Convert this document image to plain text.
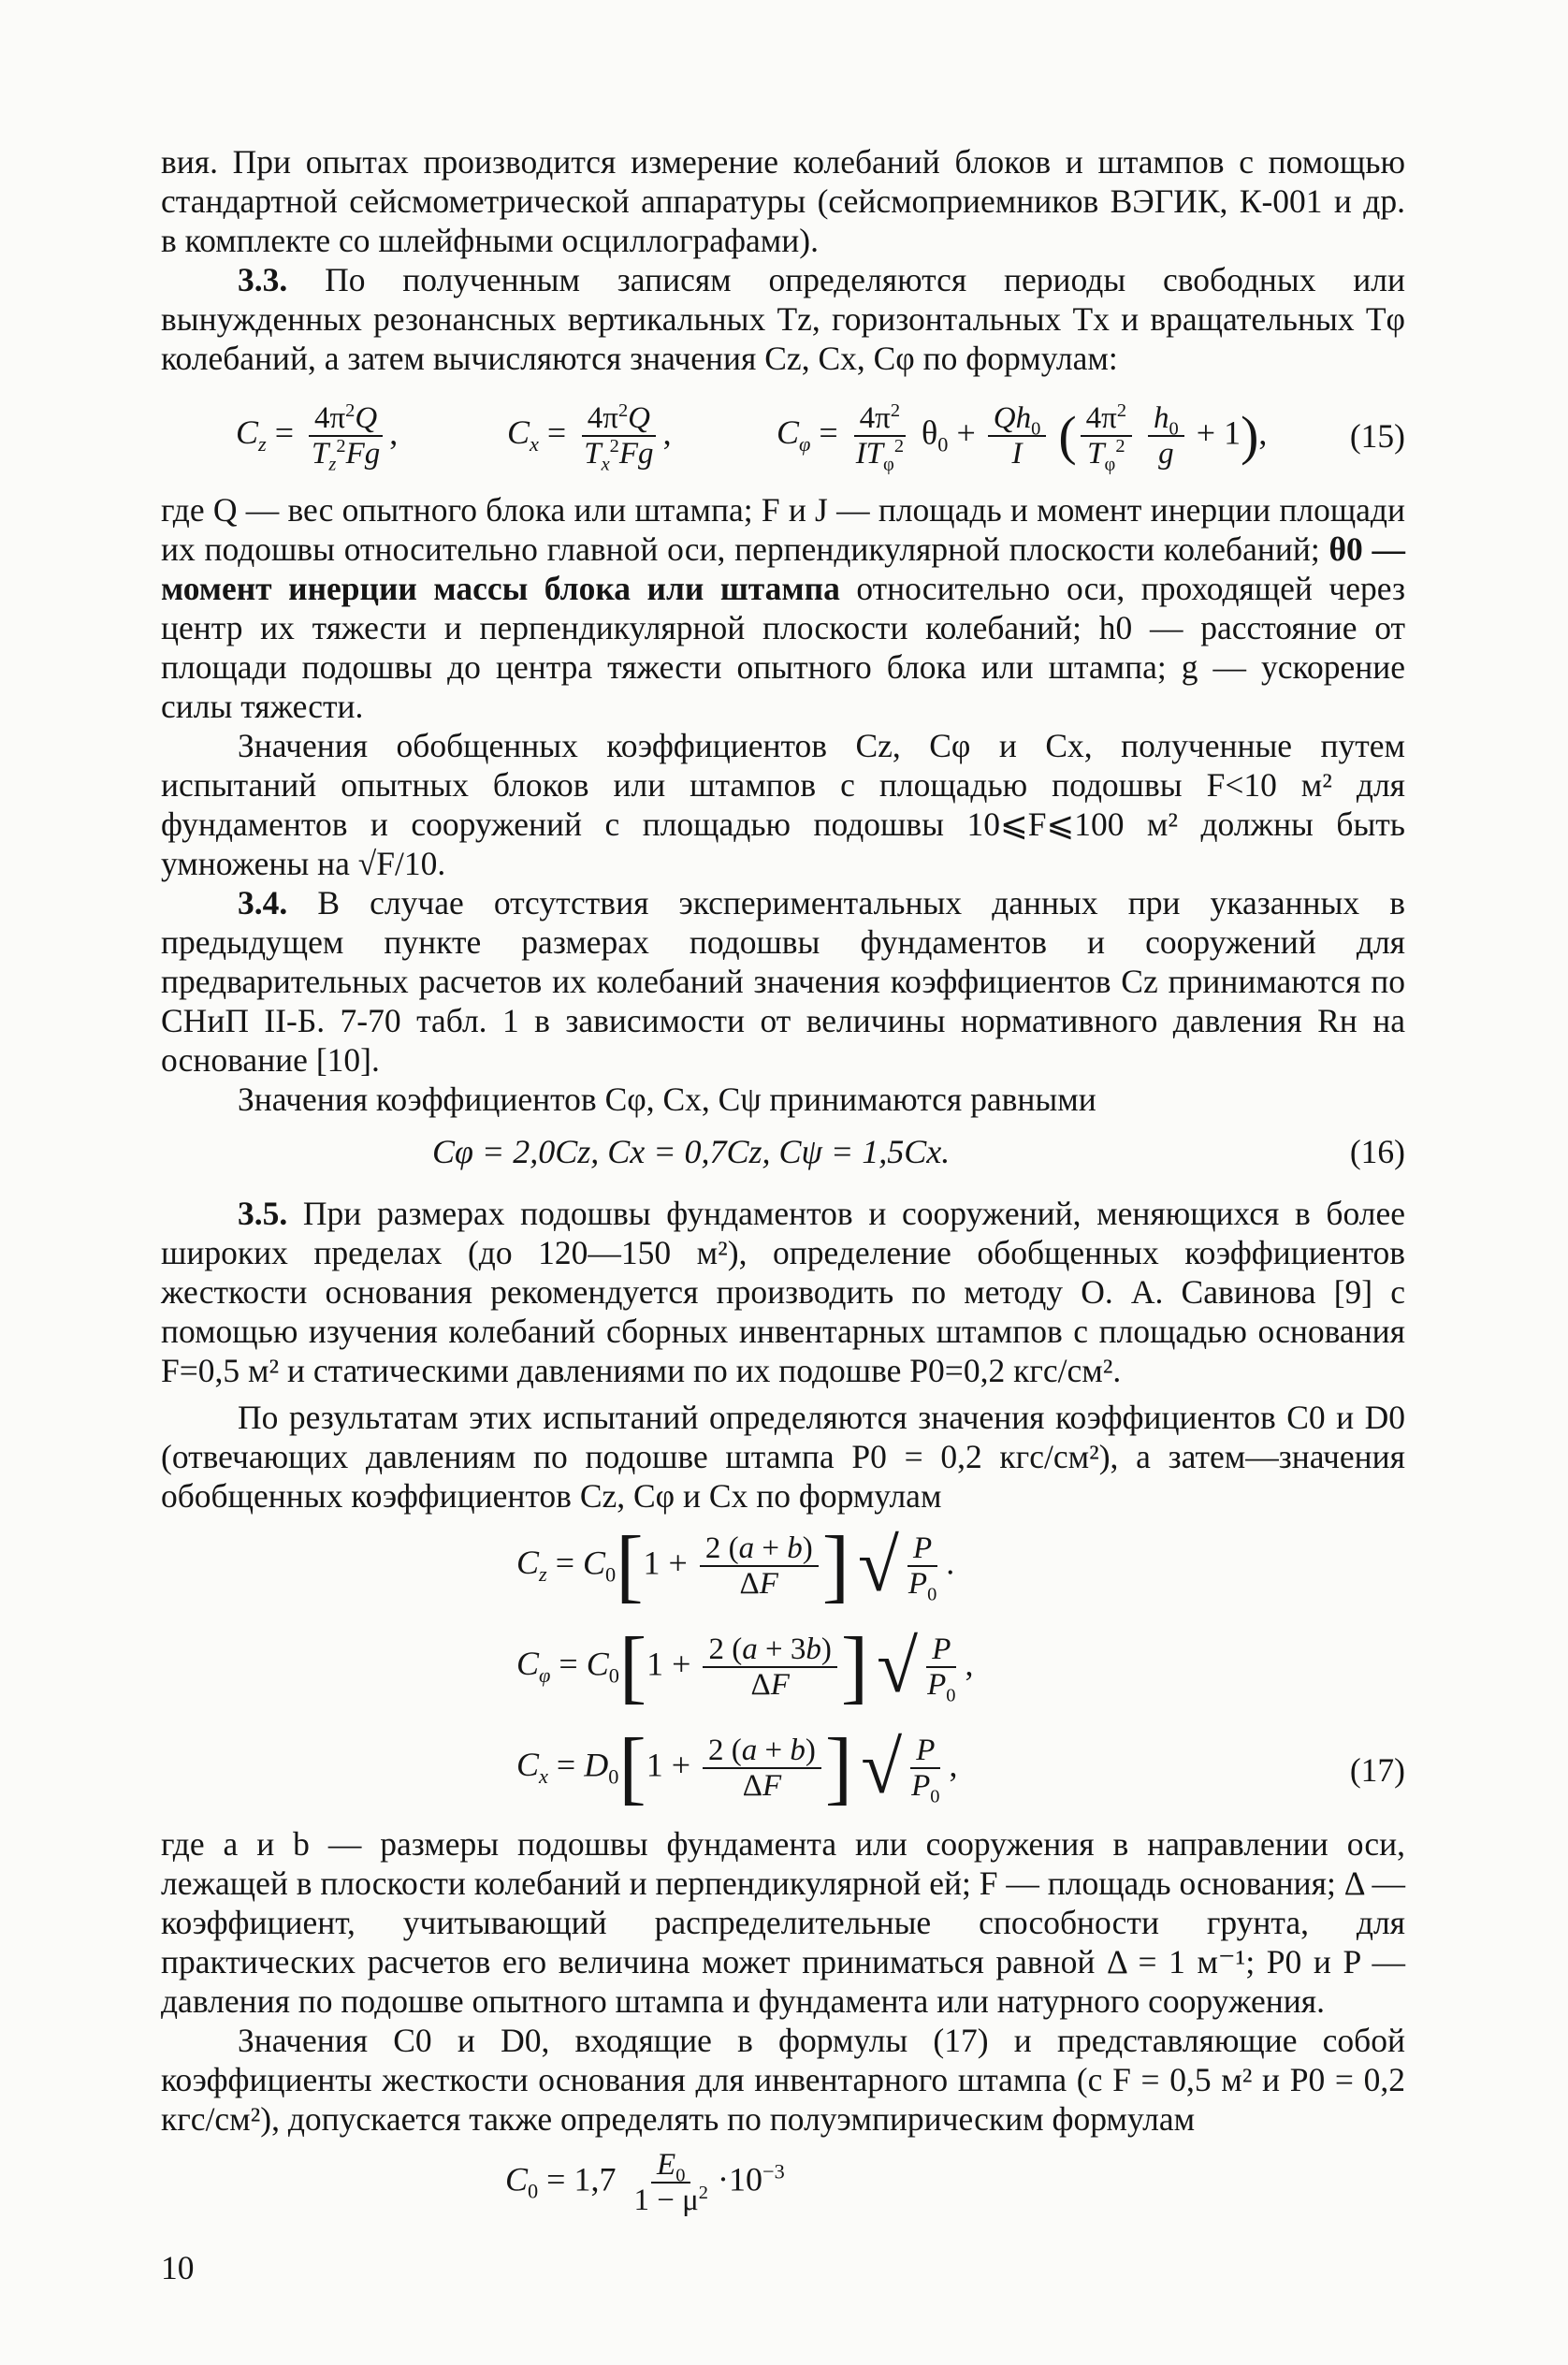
вия. При опытах производится измерение колебаний блоков и штампов с помощью стандартной сейсмометрической аппаратуры (сейсмоприемников ВЭГИК, К-001 и др. в комплекте со шлейфными осциллографами).

3.3. По полученным записям определяются периоды свободных или вынужденных резонансных вертикальных Tz, горизонтальных Tx и вращательных Tφ колебаний, а затем вычисляются значения Cz, Cx, Cφ по формулам:

$C_z = \frac{4\pi^2Q}{T_z^2Fg}$ ,	$C_x = \frac{4\pi^2Q}{T_x^2Fg}$ ,	$C_\varphi = \frac{4\pi^2}{IT_\varphi^2} \theta_0 + \frac{Qh_0}{I}$ ( $\frac{4\pi^2}{T_\varphi^2}$
$\frac{h_0}{g} + 1$), (15)

где Q — вес опытного блока или штампа; F и J — площадь и момент инерции площади их подошвы относительно главной оси, перпендикулярной плоскости колебаний; θ0 — момент инерции массы блока или штампа относительно оси, проходящей через центр их тяжести и перпендикулярной плоскости колебаний; h0 — расстояние от площади подошвы до центра тяжести опытного блока или штампа; g — ускорение силы тяжести.

Значения обобщенных коэффициентов Cz, Cφ и Cx, полученные путем испытаний опытных блоков или штампов с площадью подошвы F<10 м² для фундаментов и сооружений с площадью подошвы 10⩽F⩽100 м² должны быть умножены на √F/10.

3.4. В случае отсутствия экспериментальных данных при указанных в предыдущем пункте размерах подошвы фундаментов и сооружений для предварительных расчетов их колебаний значения коэффициентов Cz принимаются по СНиП II-Б. 7-70 табл. 1 в зависимости от величины нормативного давления Rн на основание [10].

Значения коэффициентов Cφ, Cx, Cψ принимаются равными

Cφ = 2,0Cz, Cx = 0,7Cz, Cψ = 1,5Cx.	(16)

3.5. При размерах подошвы фундаментов и сооружений, меняющихся в более широких пределах (до 120—150 м²), определение обобщенных коэффициентов жесткости основания рекомендуется производить по методу О. А. Савинова [9] с помощью изучения колебаний сборных инвентарных штампов с площадью основания F=0,5 м² и статическими давлениями по их подошве P0=0,2 кгс/см².

По результатам этих испытаний определяются значения коэффициентов C0 и D0 (отвечающих давлениям по подошве штампа P0 = 0,2 кгс/см²), а затем—значения обобщенных коэффициентов Cz, Cφ и Cx по формулам

$C_z = C_0[1 + \frac{2 (a + b)}{\Delta F}$ ] √ $\frac{P}{P_0}$ .
$C_\varphi = C_0[1 + \frac{2 (a + 3b)}{\Delta F}$ ] √ $\frac{P}{P_0}$ ,
$C_x = D_0[1 + \frac{2 (a + b)}{\Delta F}$ ] √ $\frac{P}{P_0}$ ,	(17)

где a и b — размеры подошвы фундамента или сооружения в направлении оси, лежащей в плоскости колебаний и перпендикулярной ей; F — площадь основания; Δ — коэффициент, учитывающий распределительные способности грунта, для практических расчетов его величина может приниматься равной Δ = 1 м⁻¹; P0 и P — давления по подошве опытного штампа и фундамента или натурного сооружения.

Значения C0 и D0, входящие в формулы (17) и представляющие собой коэффициенты жесткости основания для инвентарного штампа (с F = 0,5 м² и P0 = 0,2 кгс/см²), допускается также определять по полуэмпирическим формулам

$C_0 = 1,7 \frac{E_0}{1 - \mu^2} \cdot 10^{-3}$
10
